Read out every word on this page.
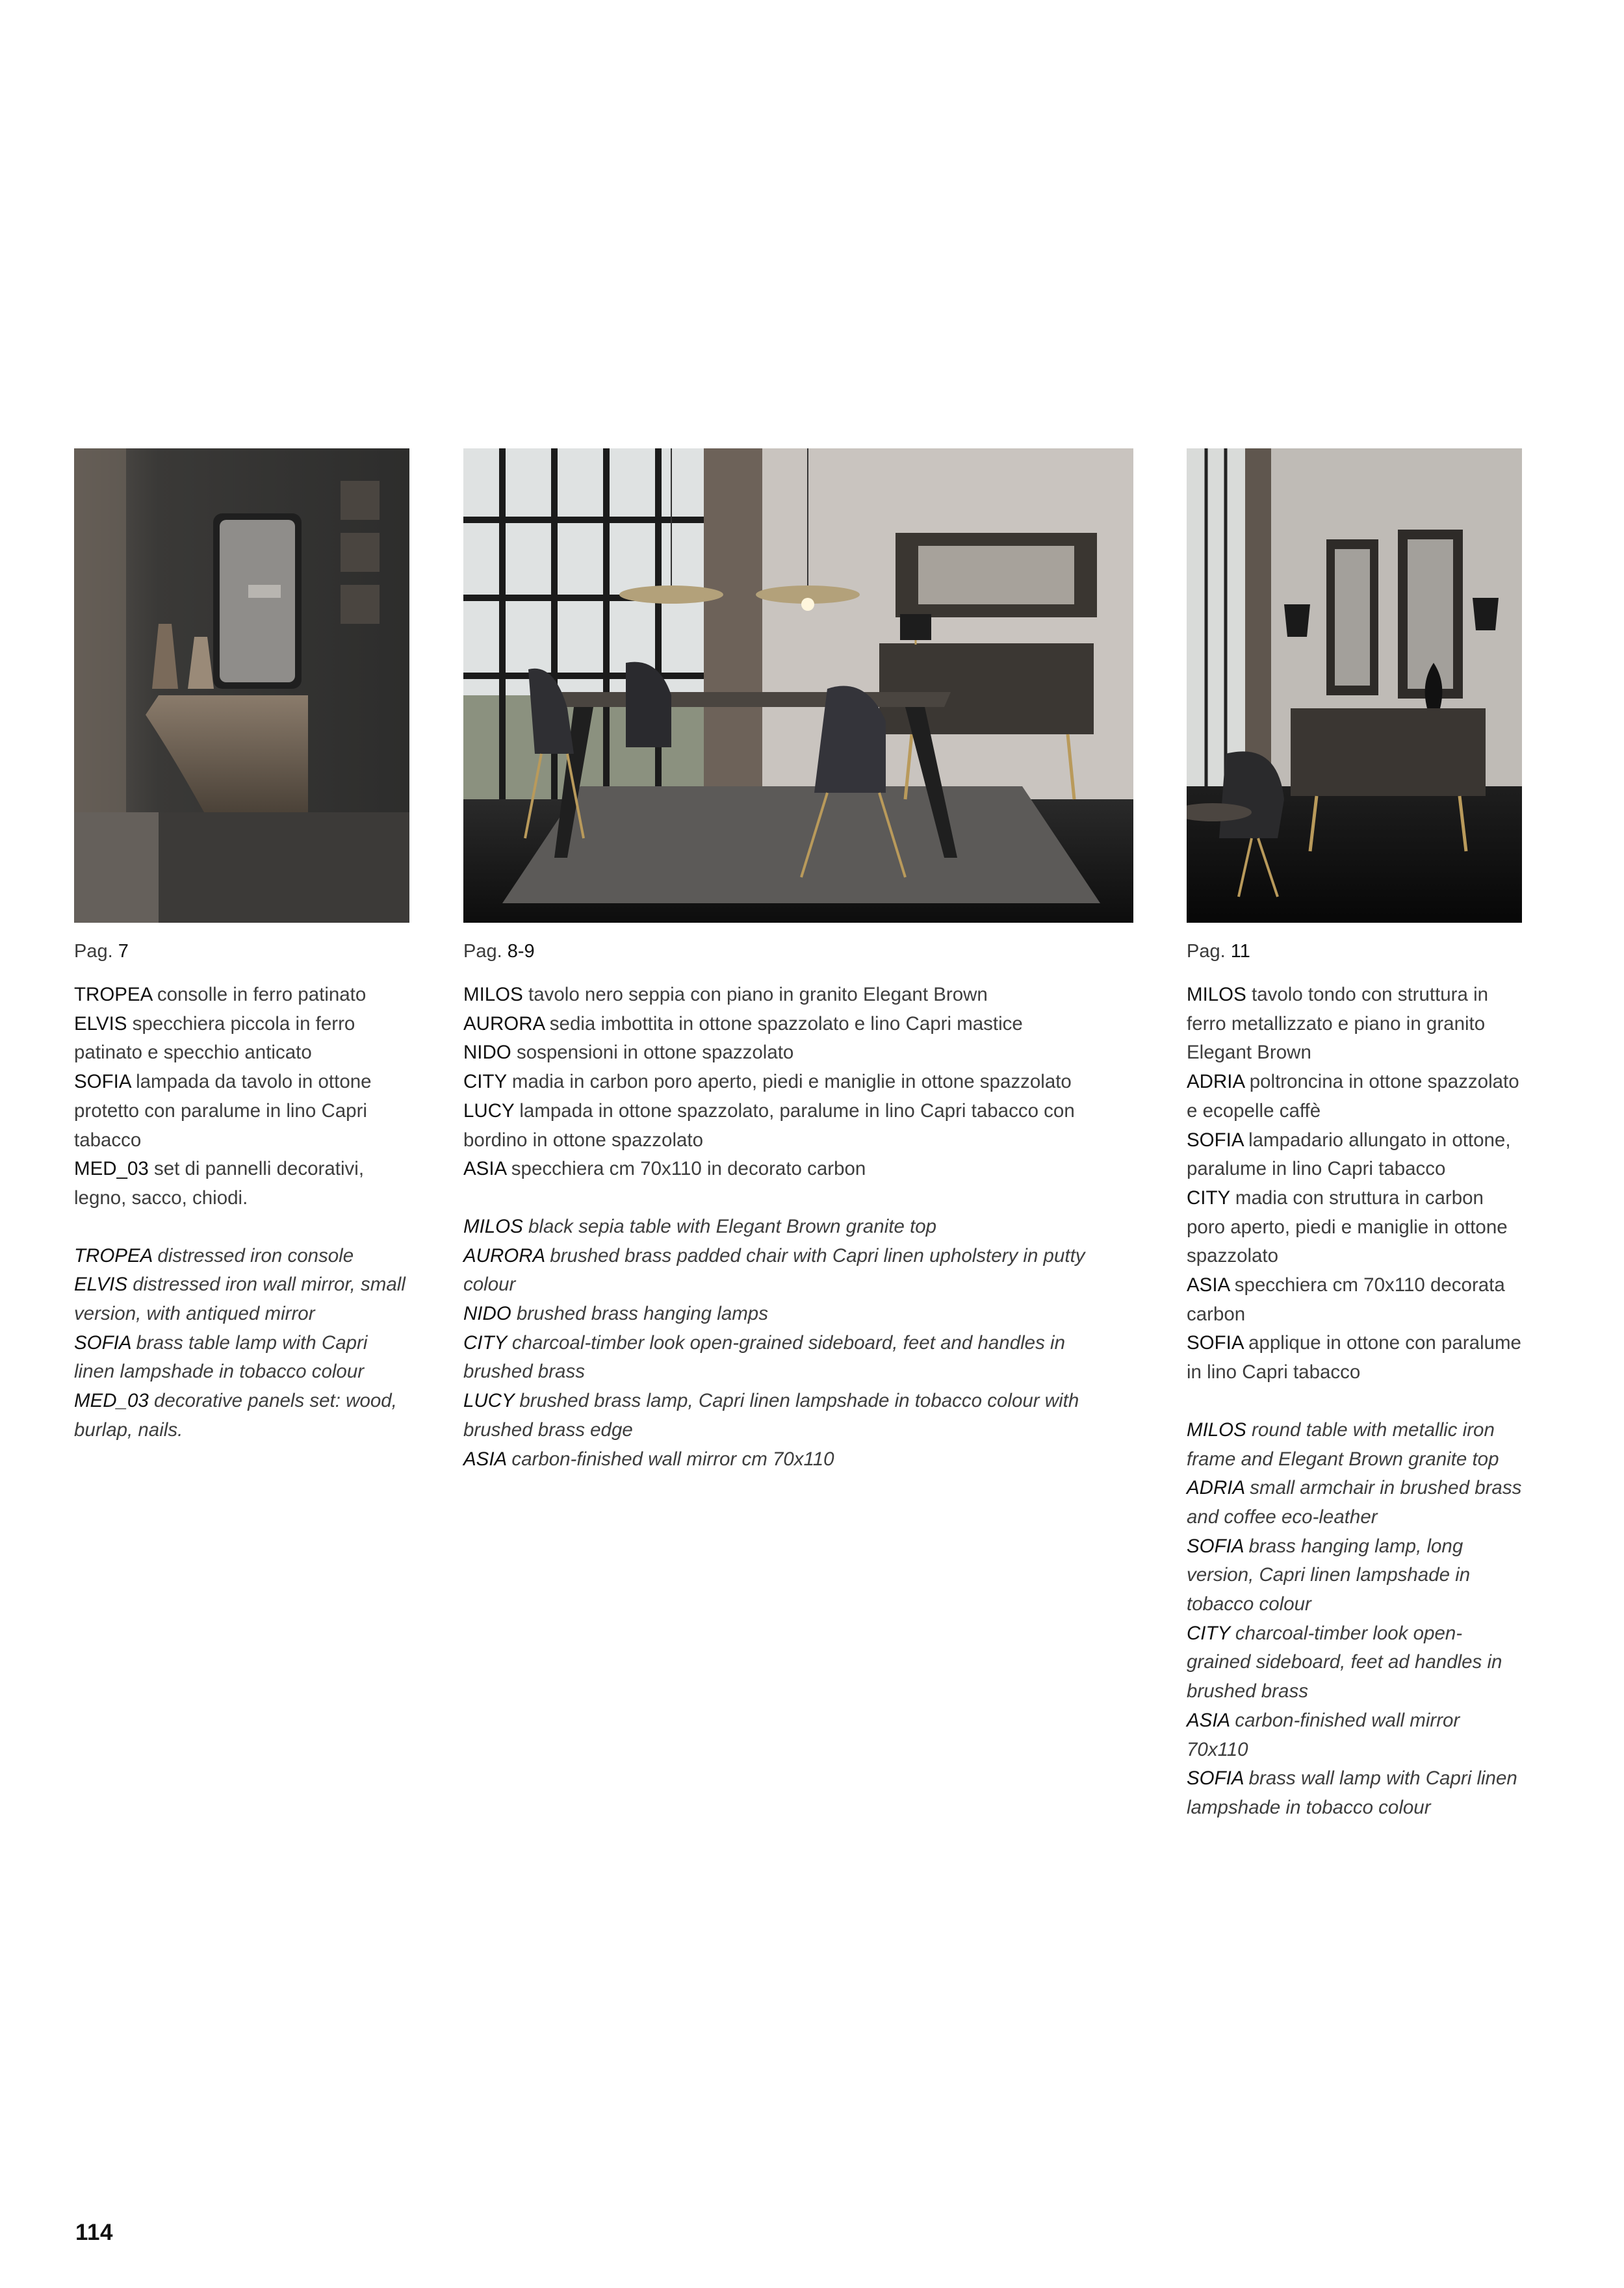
Pag. 7
TROPEA consolle in ferro patinato
ELVIS specchiera piccola in ferro patinato e specchio anticato
SOFIA lampada da tavolo in ottone protetto con paralume in lino Capri tabacco
MED_03 set di pannelli decorativi, legno, sacco, chiodi.
TROPEA distressed iron console
ELVIS distressed iron wall mirror, small version, with antiqued mirror
SOFIA brass table lamp with Capri linen lampshade in tobacco colour
MED_03 decorative panels set: wood, burlap, nails.
Pag. 8-9
MILOS tavolo nero seppia con piano in granito Elegant Brown
AURORA sedia imbottita in ottone spazzolato e lino Capri mastice
NIDO sospensioni in ottone spazzolato
CITY madia in carbon poro aperto, piedi e maniglie in ottone spazzolato
LUCY lampada in ottone spazzolato, paralume in lino Capri tabacco con bordino in ottone spazzolato
ASIA specchiera cm 70x110 in decorato carbon
MILOS black sepia table with Elegant Brown granite top
AURORA brushed brass padded chair with Capri linen upholstery in putty colour
NIDO brushed brass hanging lamps
CITY charcoal-timber look open-grained sideboard, feet and handles in brushed brass
LUCY brushed brass lamp, Capri linen lampshade in tobacco colour with brushed brass edge
ASIA carbon-finished wall mirror cm 70x110
Pag. 11
MILOS tavolo tondo con struttura in ferro metallizzato e piano in granito Elegant Brown
ADRIA poltroncina in ottone spazzolato e ecopelle caffè
SOFIA lampadario allungato in ottone, paralume in lino Capri tabacco
CITY madia con struttura in carbon poro aperto, piedi e maniglie in ottone spazzolato
ASIA specchiera cm 70x110 decorata carbon
SOFIA applique in ottone con paralume in lino Capri tabacco
MILOS round table with metallic iron frame and Elegant Brown granite top
ADRIA small armchair in brushed brass and coffee eco-leather
SOFIA brass hanging lamp, long version, Capri linen lampshade in tobacco colour
CITY charcoal-timber look open-grained sideboard, feet ad handles in brushed brass
ASIA carbon-finished wall mirror 70x110
SOFIA brass wall lamp with Capri linen lampshade in tobacco colour
114
